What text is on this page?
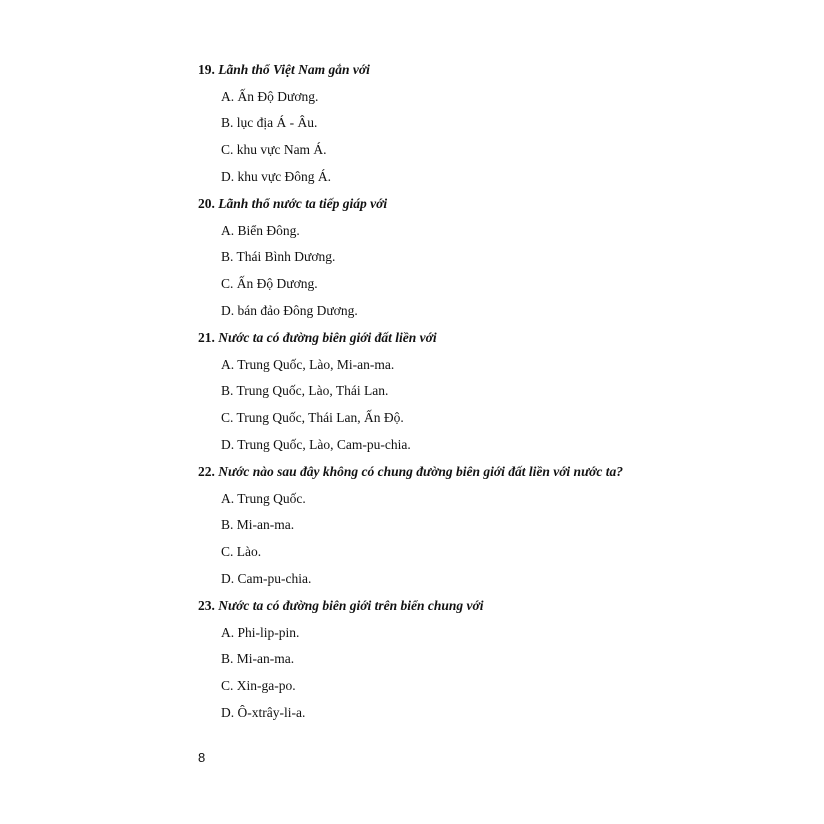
19. Lãnh thổ Việt Nam gắn với
A. Ấn Độ Dương.
B. lục địa Á - Âu.
C. khu vực Nam Á.
D. khu vực Đông Á.
20. Lãnh thổ nước ta tiếp giáp với
A. Biển Đông.
B. Thái Bình Dương.
C. Ấn Độ Dương.
D. bán đảo Đông Dương.
21. Nước ta có đường biên giới đất liền với
A. Trung Quốc, Lào, Mi-an-ma.
B. Trung Quốc, Lào, Thái Lan.
C. Trung Quốc, Thái Lan, Ấn Độ.
D. Trung Quốc, Lào, Cam-pu-chia.
22. Nước nào sau đây không có chung đường biên giới đất liền với nước ta?
A. Trung Quốc.
B. Mi-an-ma.
C. Lào.
D. Cam-pu-chia.
23. Nước ta có đường biên giới trên biển chung với
A. Phi-lip-pin.
B. Mi-an-ma.
C. Xin-ga-po.
D. Ô-xtrây-li-a.
8
